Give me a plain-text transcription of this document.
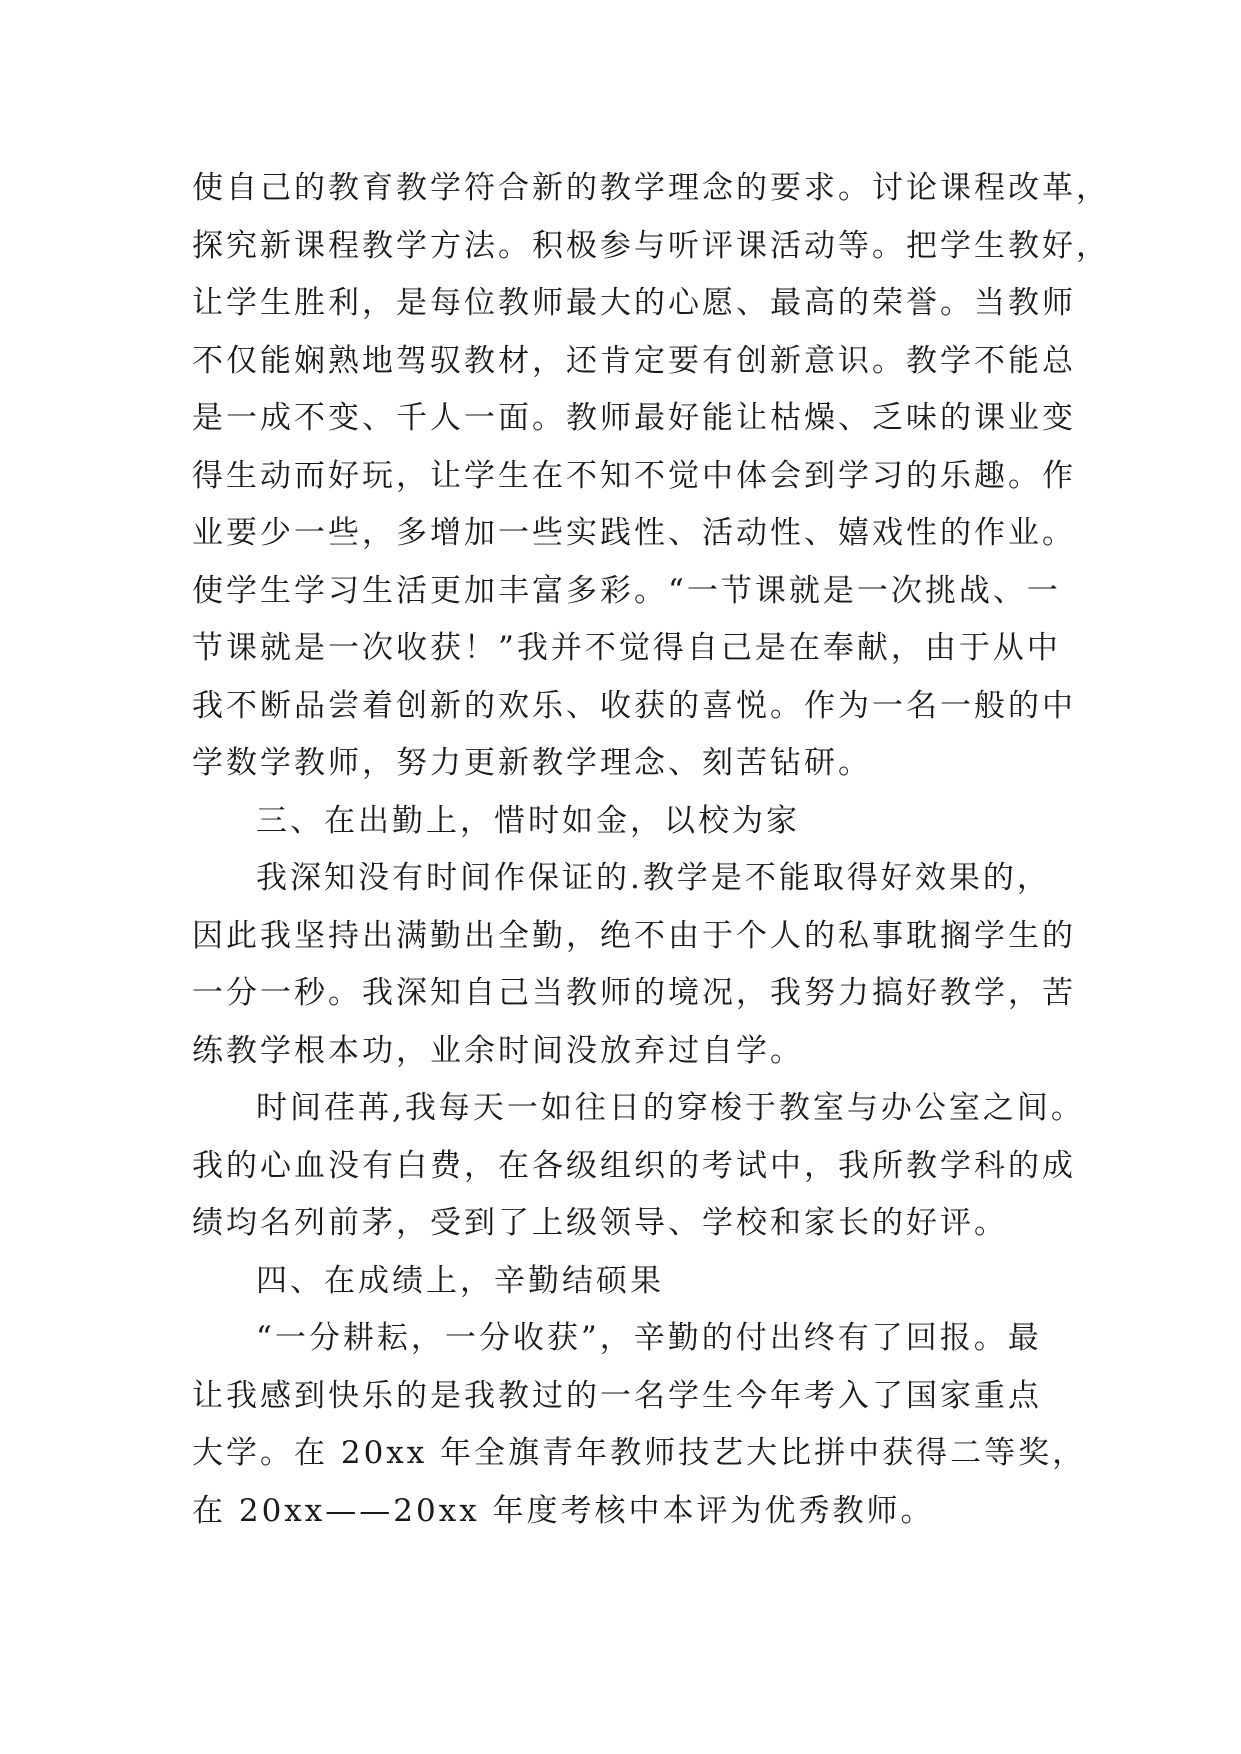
使自己的教育教学符合新的教学理念的要求。讨论课程改革，
探究新课程教学方法。积极参与听评课活动等。把学生教好，
让学生胜利，是每位教师最大的心愿、最高的荣誉。当教师
不仅能娴熟地驾驭教材，还肯定要有创新意识。教学不能总
是一成不变、千人一面。教师最好能让枯燥、乏味的课业变
得生动而好玩，让学生在不知不觉中体会到学习的乐趣。作
业要少一些，多增加一些实践性、活动性、嬉戏性的作业。
使学生学习生活更加丰富多彩。“一节课就是一次挑战、一
节课就是一次收获！”我并不觉得自己是在奉献，由于从中
我不断品尝着创新的欢乐、收获的喜悦。作为一名一般的中
学数学教师，努力更新教学理念、刻苦钻研。
三、在出勤上，惜时如金，以校为家
我深知没有时间作保证的.教学是不能取得好效果的，
因此我坚持出满勤出全勤，绝不由于个人的私事耽搁学生的
一分一秒。我深知自己当教师的境况，我努力搞好教学，苦
练教学根本功，业余时间没放弃过自学。
时间荏苒,我每天一如往日的穿梭于教室与办公室之间。
我的心血没有白费，在各级组织的考试中，我所教学科的成
绩均名列前茅，受到了上级领导、学校和家长的好评。
四、在成绩上，辛勤结硕果
“一分耕耘，一分收获”，辛勤的付出终有了回报。最
让我感到快乐的是我教过的一名学生今年考入了国家重点
大学。在 20xx 年全旗青年教师技艺大比拼中获得二等奖，
在 20xx——20xx 年度考核中本评为优秀教师。
